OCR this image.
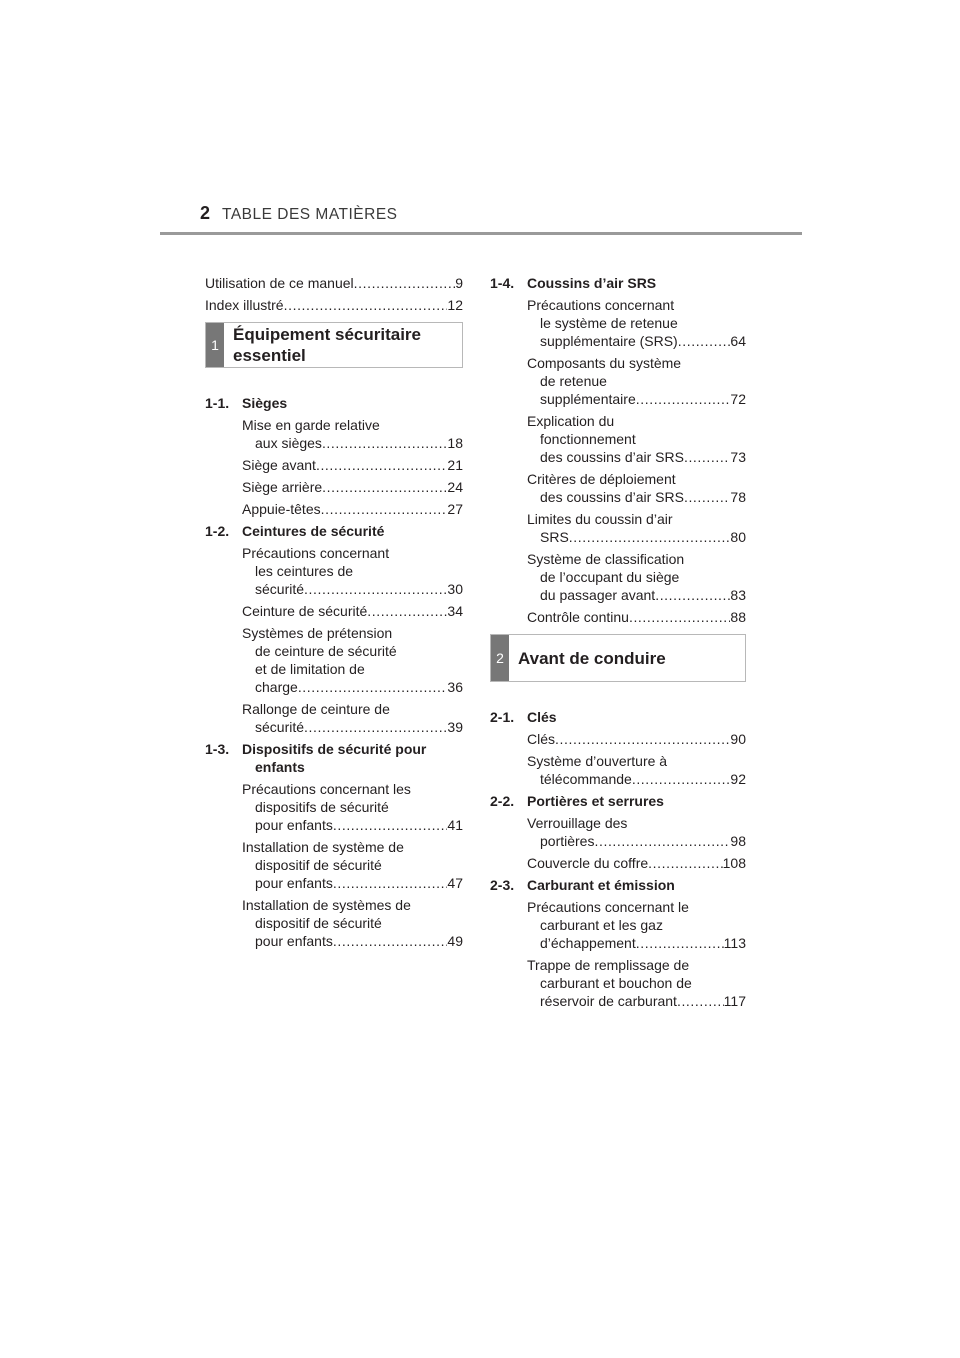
2 TABLE DES MATIÈRES
Utilisation de ce manuel .....	9
Index illustré .....	12
1
Équipement sécuritaire
essentiel
1-1. Sièges
Mise en garde relative
aux sièges .....	18
Siège avant .....	21
Siège arrière .....	24
Appuie-têtes .....	27
1-2. Ceintures de sécurité
Précautions concernant
les ceintures de
sécurité .....	30
Ceinture de sécurité .....	34
Systèmes de prétension
de ceinture de sécurité
et de limitation de
charge .....	36
Rallonge de ceinture de
sécurité .....	39
1-3. Dispositifs de sécurité pour
enfants
Précautions concernant les
dispositifs de sécurité
pour enfants .....	41
Installation de système de
dispositif de sécurité
pour enfants .....	47
Installation de systèmes de
dispositif de sécurité
pour enfants .....	49
1-4. Coussins d’air SRS
Précautions concernant
le système de retenue
supplémentaire (SRS) .....	64
Composants du système
de retenue
supplémentaire .....	72
Explication du
fonctionnement
des coussins d’air SRS .....	73
Critères de déploiement
des coussins d’air SRS .....	78
Limites du coussin d’air
SRS .....	80
Système de classification
de l’occupant du siège
du passager avant .....	83
Contrôle continu .....	88
2 Avant de conduire
2-1. Clés
Clés .....	90
Système d’ouverture à
télécommande .....	92
2-2. Portières et serrures
Verrouillage des
portières .....	98
Couvercle du coffre .....	108
2-3. Carburant et émission
Précautions concernant le
carburant et les gaz
d’échappement .....	113
Trappe de remplissage de
carburant et bouchon de
réservoir de carburant .....	117
